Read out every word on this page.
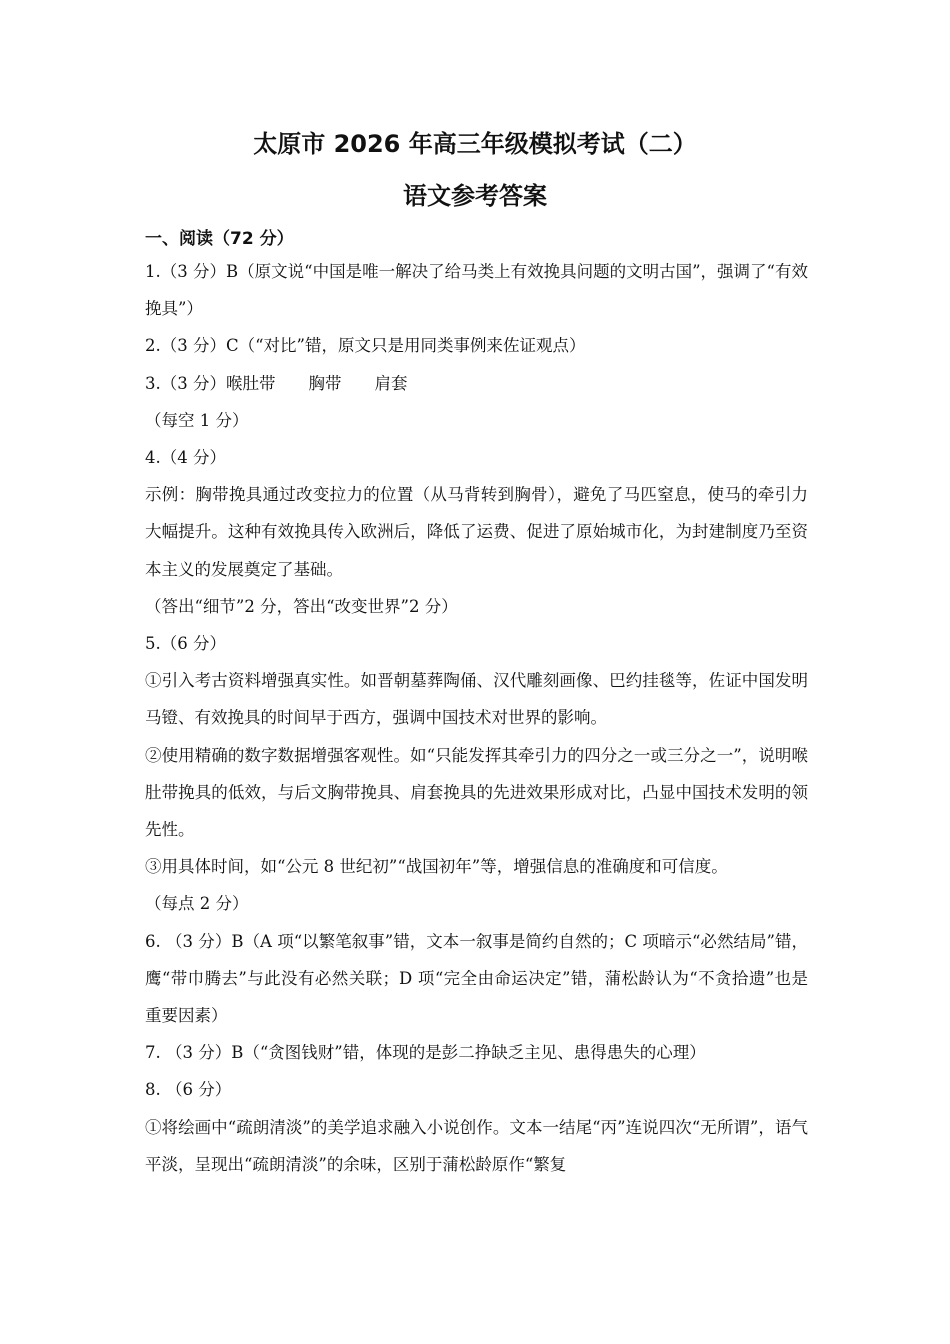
太原市 2026 年高三年级模拟考试（二）
语文参考答案
一、阅读（72 分）

1.（3 分）B（原文说“中国是唯一解决了给马类上有效挽具问题的文明古国”，强调了“有效挽具”）

2.（3 分）C（“对比”错，原文只是用同类事例来佐证观点）

3.（3 分）喉肚带　　胸带　　肩套

（每空 1 分）

4.（4 分）

示例：胸带挽具通过改变拉力的位置（从马背转到胸骨），避免了马匹窒息，使马的牵引力大幅提升。这种有效挽具传入欧洲后，降低了运费、促进了原始城市化，为封建制度乃至资本主义的发展奠定了基础。

（答出“细节”2 分，答出“改变世界”2 分）

5.（6 分）

①引入考古资料增强真实性。如晋朝墓葬陶俑、汉代雕刻画像、巴约挂毯等，佐证中国发明马镫、有效挽具的时间早于西方，强调中国技术对世界的影响。

②使用精确的数字数据增强客观性。如“只能发挥其牵引力的四分之一或三分之一”，说明喉肚带挽具的低效，与后文胸带挽具、肩套挽具的先进效果形成对比，凸显中国技术发明的领先性。

③用具体时间，如“公元 8 世纪初”“战国初年”等，增强信息的准确度和可信度。

（每点 2 分）

6. （3 分）B（A 项“以繁笔叙事”错，文本一叙事是简约自然的；C 项暗示“必然结局”错，鹰“带巾腾去”与此没有必然关联；D 项“完全由命运决定”错，蒲松龄认为“不贪拾遗”也是重要因素）

7. （3 分）B（“贪图钱财”错，体现的是彭二挣缺乏主见、患得患失的心理）

8. （6 分）

①将绘画中“疏朗清淡”的美学追求融入小说创作。文本一结尾“丙”连说四次“无所谓”，语气平淡，呈现出“疏朗清淡”的余味，区别于蒲松龄原作“繁复
